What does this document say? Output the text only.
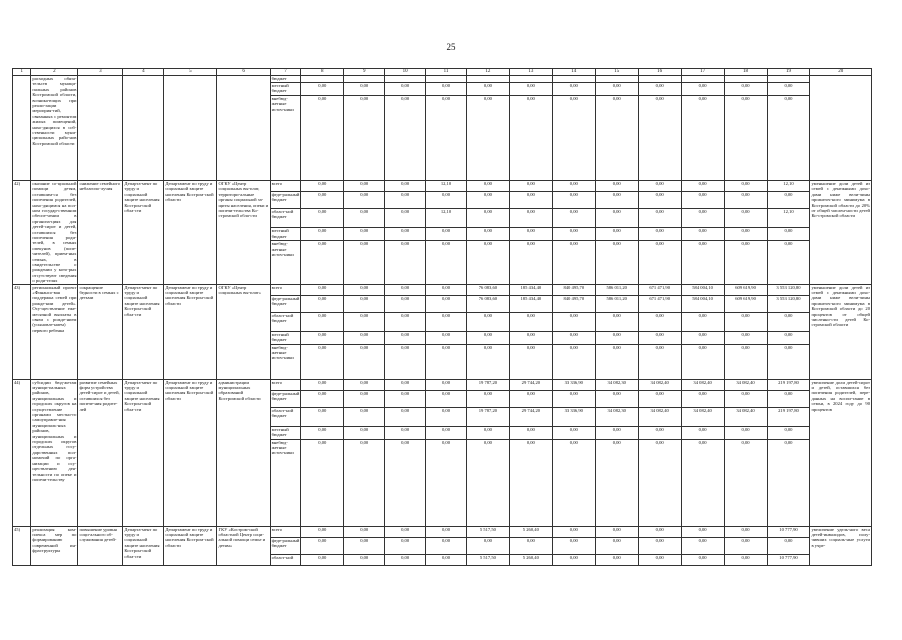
25
1	2	3	4	5	6	7	8	9	10	11	12	13	14	15	16	17	18	19	20
	расходных обяза-тельств муници-пальных районов Костромской области, возника-ющих при реали-зации мероприя-тий, связанных с ремонтом жилых помещений, нахо-дящихся в соб-ственности муни-ципальных райо-нов Костромской области					бюджет													
						местный бюджет	0,00	0,00	0,00	0,00	0,00	0,00	0,00	0,00	0,00	0,00	0,00	0,00	
						внебюд-жетные источ-ники	0,00	0,00	0,00	0,00	0,00	0,00	0,00	0,00	0,00	0,00	0,00	0,00	
42)	оказание со-циальной помощи детям, оставшим-ся без попечения родителей, нахо-дящимся на пол-ном государ-ственном обеспе-чении в организа-циях для детей-сирот и детей, оставшихся без попечения роди-телей, в семьях опекунов (попе-чителей), прием-ных семьях, в свидетельстве о рождении у кото-рых отсутствуют сведения о роди-телях	снижение семейного неблагопо-лучия	Департа-мент по труду и социальной защите населения Кострон-ской обла-сти	Департамент по труду и социальной защите населения Костром-ской области	ОГКУ «Центр социальных вы-плат, территори-альные органы социальной за-щиты населения, опеки и попечи-тельства Ко-стромской обла-сти	всего	0,00	0,00	0,00	12,10	0,00	0,00	0,00	0,00	0,00	0,00	0,00	12,10	уменьшение доли детей из семей с денежными дохо-дами ниже вели-чины прожиточ-ного минимума в Костромской области до 20% от общей числен-ности детей Ко-стромской области
						феде-ральный бюджет	0,00	0,00	0,00	0,00	0,00	0,00	0,00	0,00	0,00	0,00	0,00	0,00	
						област-ной бюджет	0,00	0,00	0,00	12,10	0,00	0,00	0,00	0,00	0,00	0,00	0,00	12,10	
						местный бюджет	0,00	0,00	0,00	0,00	0,00	0,00	0,00	0,00	0,00	0,00	0,00	0,00	
						внебюд-жетные источ-ники	0,00	0,00	0,00	0,00	0,00	0,00	0,00	0,00	0,00	0,00	0,00	0,00	
43)	региональный проект «Финансо-вая поддержка семей при рожде-нии детей». Осу-ществление еже-месячной выплаты в связи с рожде-нием (усыновле-нием) первого ребенка	сокращение бедности в семьях с детьми	Департа-мент по труду и социальной защите населения Кострон-ской обла-сти	Департамент по труду и социальной защите населения Кострон-ской области	ОГКУ «Центр социальных вы-плат»	всего	0,00	0,00	0,00	0,00	76 083,60	185 434,40	840 495,70	586 011,20	671 471,90	584 004,10	609 619,90	3 553 120,80	уменьшение доли детей из семей с денежными дохо-дами ниже вели-чины прожиточ-ного минимума в Костромской области до 20 процентов от общей численно-сти детей Ко-стромской области
						феде-ральный бюджет	0,00	0,00	0,00	0,00	76 083,60	185 434,40	840 495,70	586 011,20	671 471,90	584 004,10	609 619,90	3 553 120,80	
						област-ной бюджет	0,00	0,00	0,00	0,00	0,00	0,00	0,00	0,00	0,00	0,00	0,00	0,00	
						местный бюджет	0,00	0,00	0,00	0,00	0,00	0,00	0,00	0,00	0,00	0,00	0,00	0,00	
						внебюд-жетные источ-ники	0,00	0,00	0,00	0,00	0,00	0,00	0,00	0,00	0,00	0,00	0,00	0,00	
44)	субсидии бюд-жетам муници-пальных районов, муниципальных и городских округов на осуществление органами местно-го самоуправле-ния муниципаль-ных районов, муниципальных и городских округов отдельных госу-дарственных пол-номочий по орга-низации и осу-ществлению дея-тельности по опеке и попечи-тельству	развитие семейных форм устройства детей-сирот и детей, оставшихся без попече-ния родите-лей	Департа-мент по труду и социальной защите населения Кострон-ской обла-сти	Департамент по труду и социальной защите населения Кострон-ской области	администрации муниципальных образований Костромской области	всего	0,00	0,00	0,00	0,00	19 787,20	29 744,20	33 336,90	34 082,30	34 082,40	34 082,40	34 082,40	219 197,80	увеличение доли детей-сирот и детей, оставшихся без попечения родителей, пере-данных на воспи-тание в семьи, в 2024 году до 90 процентов
						феде-ральный бюджет	0,00	0,00	0,00	0,00	0,00	0,00	0,00	0,00	0,00	0,00	0,00	0,00	
						област-ной бюджет	0,00	0,00	0,00	0,00	19 787,20	29 744,20	33 336,90	34 082,30	34 082,40	34 082,40	34 082,40	219 197,80	
						местный бюджет	0,00	0,00	0,00	0,00	0,00	0,00	0,00	0,00	0,00	0,00	0,00	0,00	
						внебюд-жетные источ-ники	0,00	0,00	0,00	0,00	0,00	0,00	0,00	0,00	0,00	0,00	0,00	0,00	
45)	реализация ком-плекса мер по формированию современной ин-фраструктуры	повышение уровня соци-ального об-служивания детей-	Департа-мент по труду и социальной защите населения Кострон-ской обла-сти	Департамент по труду и социальной защите населения Костром-ской области	ГКУ «Костром-ской областной Центр соци-альной помощи семье и детям»	всего	0,00	0,00	0,00	0,00	5 517,50	5 260,40	0,00	0,00	0,00	0,00	0,00	10 777,90	увеличение удель-ного веса детей-инвалидов, полу-чивших социаль-ные услуги в учре-
						феде-ральный бюджет	0,00	0,00	0,00	0,00	0,00	0,00	0,00	0,00	0,00	0,00	0,00	0,00	
						област-ной	0,00	0,00	0,00	0,00	5 517,50	5 260,40	0,00	0,00	0,00	0,00	0,00	10 777,90	
